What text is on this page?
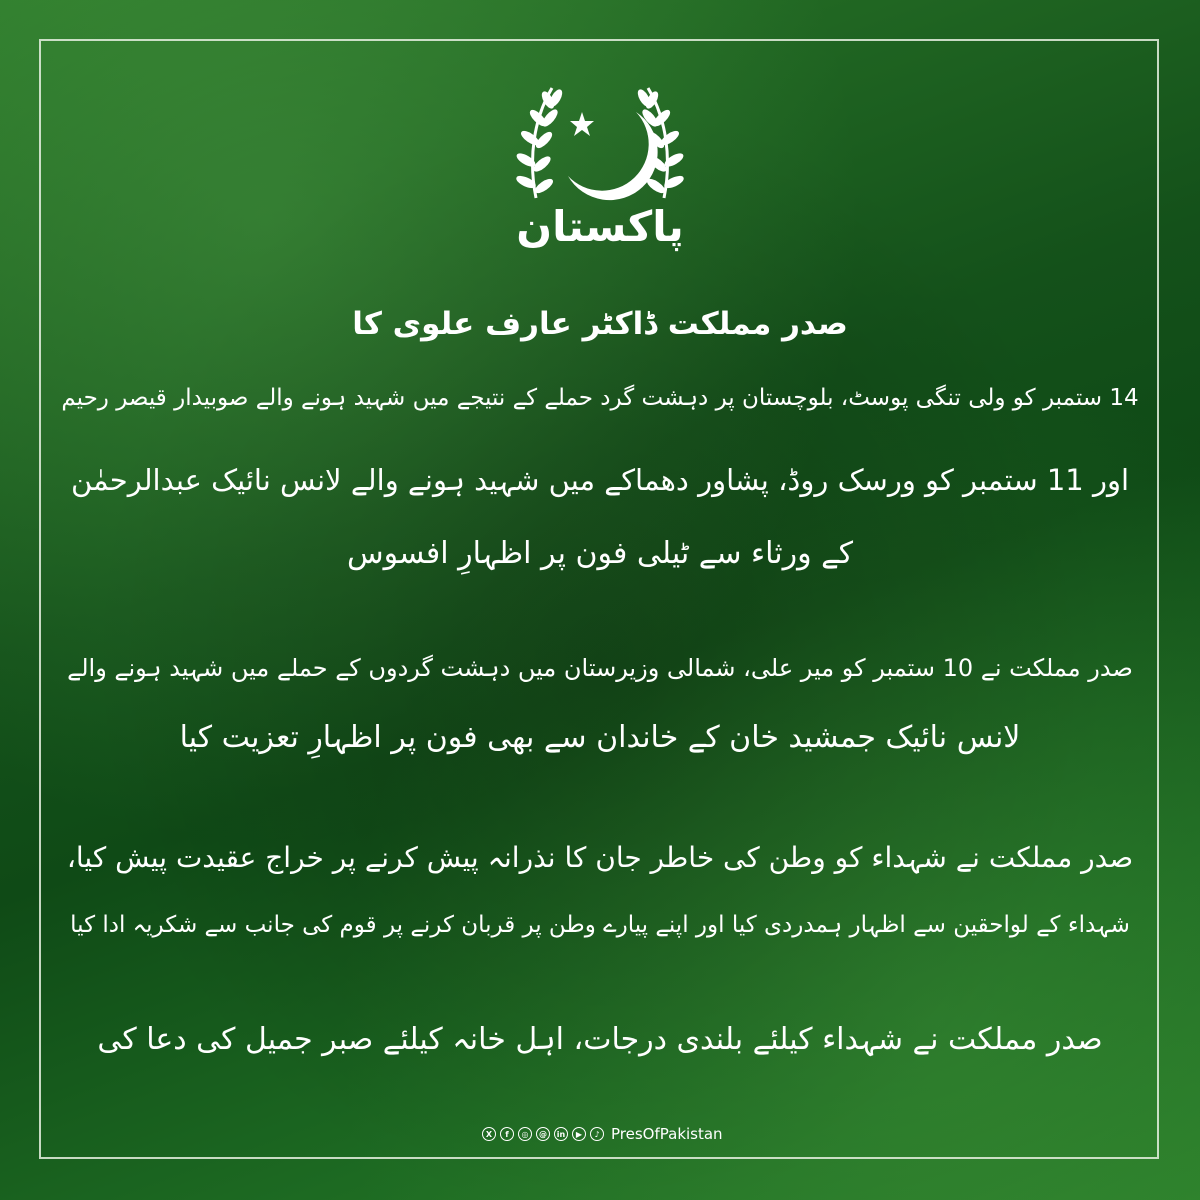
پاکستان
صدر مملکت ڈاکٹر عارف علوی کا
14 ستمبر کو ولی تنگی پوسٹ، بلوچستان پر دہشت گرد حملے کے نتیجے میں شہید ہونے والے صوبیدار قیصر رحیم
اور 11 ستمبر کو ورسک روڈ، پشاور دھماکے میں شہید ہونے والے لانس نائیک عبدالرحمٰن
کے ورثاء سے ٹیلی فون پر اظہارِ افسوس
صدر مملکت نے 10 ستمبر کو میر علی، شمالی وزیرستان میں دہشت گردوں کے حملے میں شہید ہونے والے
لانس نائیک جمشید خان کے خاندان سے بھی فون پر اظہارِ تعزیت کیا
صدر مملکت نے شہداء کو وطن کی خاطر جان کا نذرانہ پیش کرنے پر خراج عقیدت پیش کیا،
شہداء کے لواحقین سے اظہار ہمدردی کیا اور اپنے پیارے وطن پر قربان کرنے پر قوم کی جانب سے شکریہ ادا کیا
صدر مملکت نے شہداء کیلئے بلندی درجات، اہل خانہ کیلئے صبر جمیل کی دعا کی
X	f	◎	@	in	▶	♪ PresOfPakistan
